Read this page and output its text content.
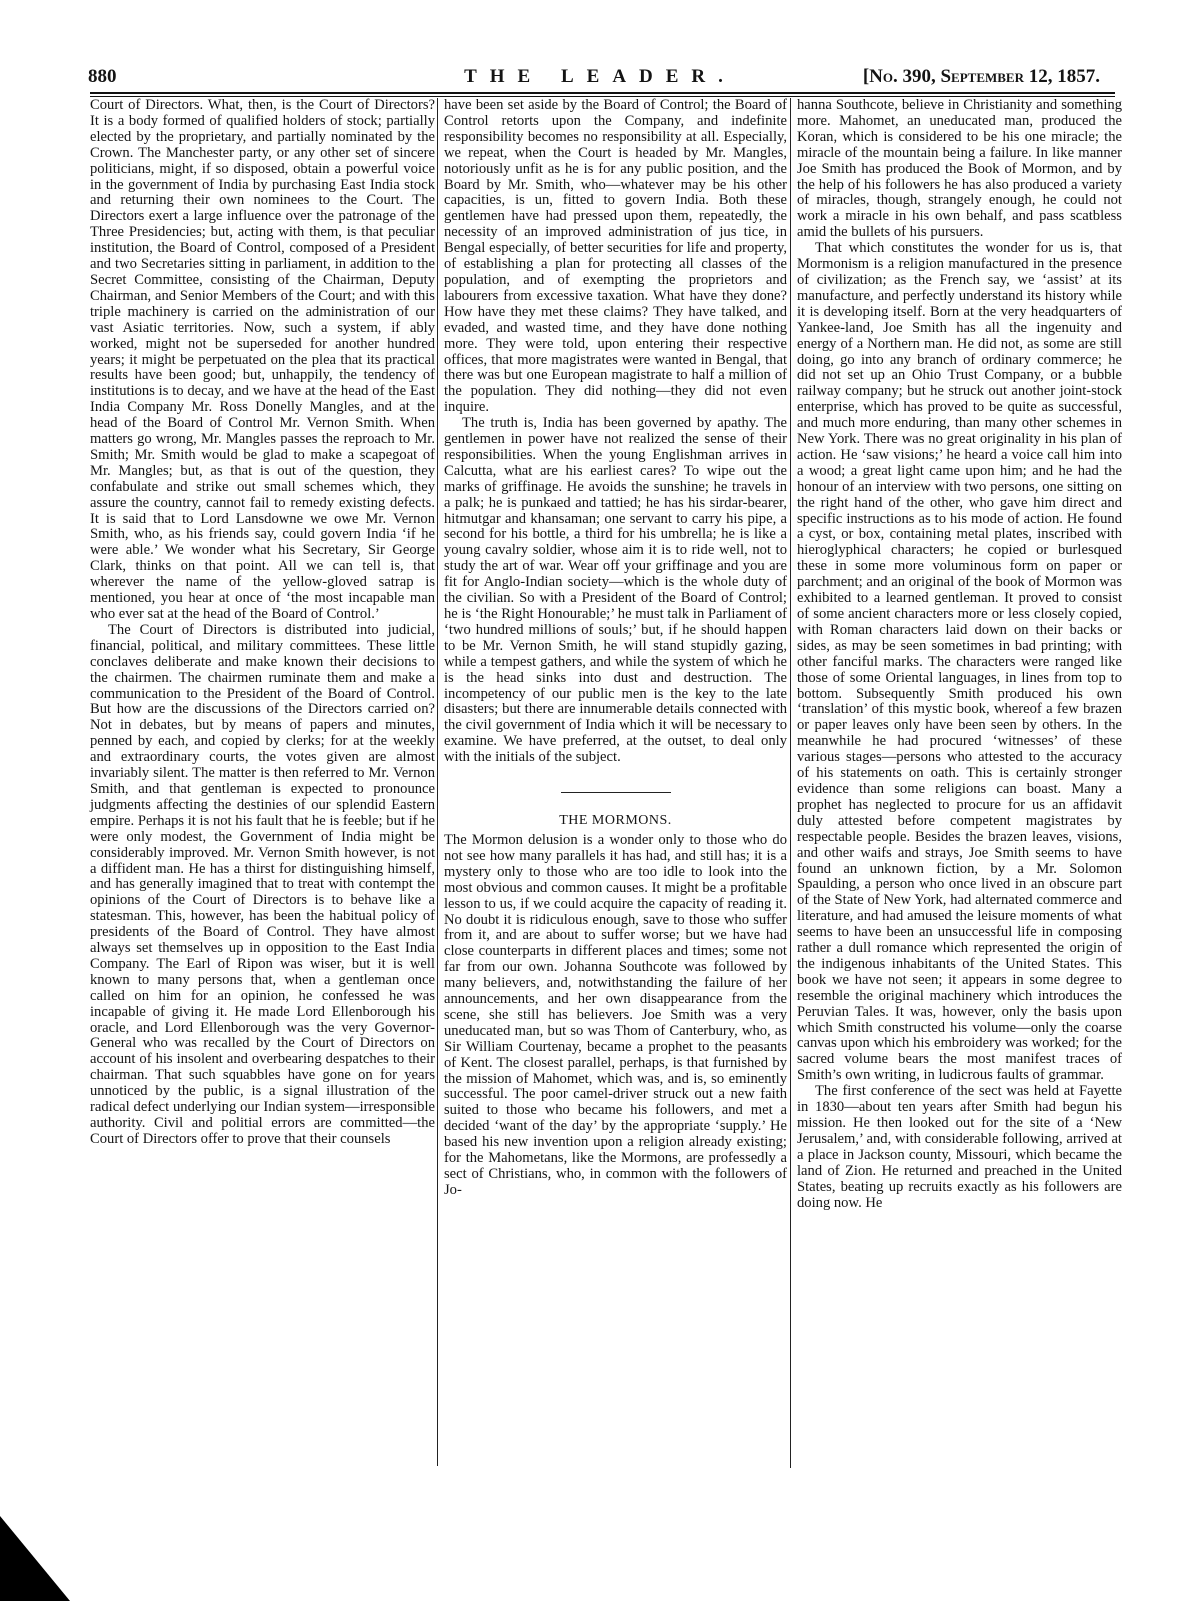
880	THE LEADER.	[No. 390, September 12, 1857.

Court of Directors. What, then, is the Court of Directors? It is a body formed of qualified holders of stock; partially elected by the proprietary, and partially nominated by the Crown. The Manchester party, or any other set of sincere politicians, might, if so disposed, obtain a powerful voice in the government of India by purchasing East India stock and returning their own nominees to the Court. The Directors exert a large influence over the patronage of the Three Presidencies; but, acting with them, is that peculiar institution, the Board of Control, composed of a President and two Secretaries sitting in parliament, in addition to the Secret Committee, consisting of the Chairman, Deputy Chairman, and Senior Members of the Court; and with this triple machinery is carried on the administration of our vast Asiatic territories. Now, such a system, if ably worked, might not be superseded for another hundred years; it might be perpetuated on the plea that its practical results have been good; but, unhappily, the tendency of institutions is to decay, and we have at the head of the East India Company Mr. Ross Donelly Mangles, and at the head of the Board of Control Mr. Vernon Smith. When matters go wrong, Mr. Mangles passes the reproach to Mr. Smith; Mr. Smith would be glad to make a scapegoat of Mr. Mangles; but, as that is out of the question, they confabulate and strike out small schemes which, they assure the country, cannot fail to remedy existing defects. It is said that to Lord Lansdowne we owe Mr. Vernon Smith, who, as his friends say, could govern India ‘if he were able.’ We wonder what his Secretary, Sir George Clark, thinks on that point. All we can tell is, that wherever the name of the yellow-gloved satrap is mentioned, you hear at once of ‘the most incapable man who ever sat at the head of the Board of Control.’

The Court of Directors is distributed into judicial, financial, political, and military committees. These little conclaves deliberate and make known their decisions to the chairmen. The chairmen ruminate them and make a communication to the President of the Board of Control. But how are the discussions of the Directors carried on? Not in debates, but by means of papers and minutes, penned by each, and copied by clerks; for at the weekly and extraordinary courts, the votes given are almost invariably silent. The matter is then referred to Mr. Vernon Smith, and that gentleman is expected to pronounce judgments affecting the destinies of our splendid Eastern empire. Perhaps it is not his fault that he is feeble; but if he were only modest, the Government of India might be considerably improved. Mr. Vernon Smith however, is not a diffident man. He has a thirst for distinguishing himself, and has generally imagined that to treat with contempt the opinions of the Court of Directors is to behave like a statesman. This, however, has been the habitual policy of presidents of the Board of Control. They have almost always set themselves up in opposition to the East India Company. The Earl of Ripon was wiser, but it is well known to many persons that, when a gentleman once called on him for an opinion, he confessed he was incapable of giving it. He made Lord Ellenborough his oracle, and Lord Ellenborough was the very Governor-General who was recalled by the Court of Directors on account of his insolent and overbearing despatches to their chairman. That such squabbles have gone on for years unnoticed by the public, is a signal illustration of the radical defect underlying our Indian system—irresponsible authority. Civil and politial errors are committed—the Court of Directors offer to prove that their counsels

have been set aside by the Board of Control; the Board of Control retorts upon the Company, and indefinite responsibility becomes no responsibility at all. Especially, we repeat, when the Court is headed by Mr. Mangles, notoriously unfit as he is for any public position, and the Board by Mr. Smith, who—whatever may be his other capacities, is un, fitted to govern India. Both these gentlemen have had pressed upon them, repeatedly, the necessity of an improved administration of jus tice, in Bengal especially, of better securities for life and property, of establishing a plan for protecting all classes of the population, and of exempting the proprietors and labourers from excessive taxation. What have they done? How have they met these claims? They have talked, and evaded, and wasted time, and they have done nothing more. They were told, upon entering their respective offices, that more magistrates were wanted in Bengal, that there was but one European magistrate to half a million of the population. They did nothing—they did not even inquire.

The truth is, India has been governed by apathy. The gentlemen in power have not realized the sense of their responsibilities. When the young Englishman arrives in Calcutta, what are his earliest cares? To wipe out the marks of griffinage. He avoids the sunshine; he travels in a palk; he is punkaed and tattied; he has his sirdar-bearer, hitmutgar and khansaman; one servant to carry his pipe, a second for his bottle, a third for his umbrella; he is like a young cavalry soldier, whose aim it is to ride well, not to study the art of war. Wear off your griffinage and you are fit for Anglo-Indian society—which is the whole duty of the civilian. So with a President of the Board of Control; he is ‘the Right Honourable;’ he must talk in Parliament of ‘two hundred millions of souls;’ but, if he should happen to be Mr. Vernon Smith, he will stand stupidly gazing, while a tempest gathers, and while the system of which he is the head sinks into dust and destruction. The incompetency of our public men is the key to the late disasters; but there are innumerable details connected with the civil government of India which it will be necessary to examine. We have preferred, at the outset, to deal only with the initials of the subject.

THE MORMONS.

The Mormon delusion is a wonder only to those who do not see how many parallels it has had, and still has; it is a mystery only to those who are too idle to look into the most obvious and common causes. It might be a profitable lesson to us, if we could acquire the capacity of reading it. No doubt it is ridiculous enough, save to those who suffer from it, and are about to suffer worse; but we have had close counterparts in different places and times; some not far from our own. Johanna Southcote was followed by many believers, and, notwithstanding the failure of her announcements, and her own disappearance from the scene, she still has believers. Joe Smith was a very uneducated man, but so was Thom of Canterbury, who, as Sir William Courtenay, became a prophet to the peasants of Kent. The closest parallel, perhaps, is that furnished by the mission of Mahomet, which was, and is, so eminently successful. The poor camel-driver struck out a new faith suited to those who became his followers, and met a decided ‘want of the day’ by the appropriate ‘supply.’ He based his new invention upon a religion already existing; for the Mahometans, like the Mormons, are professedly a sect of Christians, who, in common with the followers of Jo-

hanna Southcote, believe in Christianity and something more. Mahomet, an uneducated man, produced the Koran, which is considered to be his one miracle; the miracle of the mountain being a failure. In like manner Joe Smith has produced the Book of Mormon, and by the help of his followers he has also produced a variety of miracles, though, strangely enough, he could not work a miracle in his own behalf, and pass scatbless amid the bullets of his pursuers.

That which constitutes the wonder for us is, that Mormonism is a religion manufactured in the presence of civilization; as the French say, we ‘assist’ at its manufacture, and perfectly understand its history while it is developing itself. Born at the very headquarters of Yankee-land, Joe Smith has all the ingenuity and energy of a Northern man. He did not, as some are still doing, go into any branch of ordinary commerce; he did not set up an Ohio Trust Company, or a bubble railway company; but he struck out another joint-stock enterprise, which has proved to be quite as successful, and much more enduring, than many other schemes in New York. There was no great originality in his plan of action. He ‘saw visions;’ he heard a voice call him into a wood; a great light came upon him; and he had the honour of an interview with two persons, one sitting on the right hand of the other, who gave him direct and specific instructions as to his mode of action. He found a cyst, or box, containing metal plates, inscribed with hieroglyphical characters; he copied or burlesqued these in some more voluminous form on paper or parchment; and an original of the book of Mormon was exhibited to a learned gentleman. It proved to consist of some ancient characters more or less closely copied, with Roman characters laid down on their backs or sides, as may be seen sometimes in bad printing; with other fanciful marks. The characters were ranged like those of some Oriental languages, in lines from top to bottom. Subsequently Smith produced his own ‘translation’ of this mystic book, whereof a few brazen or paper leaves only have been seen by others. In the meanwhile he had procured ‘witnesses’ of these various stages—persons who attested to the accuracy of his statements on oath. This is certainly stronger evidence than some religions can boast. Many a prophet has neglected to procure for us an affidavit duly attested before competent magistrates by respectable people. Besides the brazen leaves, visions, and other waifs and strays, Joe Smith seems to have found an unknown fiction, by a Mr. Solomon Spaulding, a person who once lived in an obscure part of the State of New York, had alternated commerce and literature, and had amused the leisure moments of what seems to have been an unsuccessful life in composing rather a dull romance which represented the origin of the indigenous inhabitants of the United States. This book we have not seen; it appears in some degree to resemble the original machinery which introduces the Peruvian Tales. It was, however, only the basis upon which Smith constructed his volume—only the coarse canvas upon which his embroidery was worked; for the sacred volume bears the most manifest traces of Smith’s own writing, in ludicrous faults of grammar.

The first conference of the sect was held at Fayette in 1830—about ten years after Smith had begun his mission. He then looked out for the site of a ‘New Jerusalem,’ and, with considerable following, arrived at a place in Jackson county, Missouri, which became the land of Zion. He returned and preached in the United States, beating up recruits exactly as his followers are doing now. He
